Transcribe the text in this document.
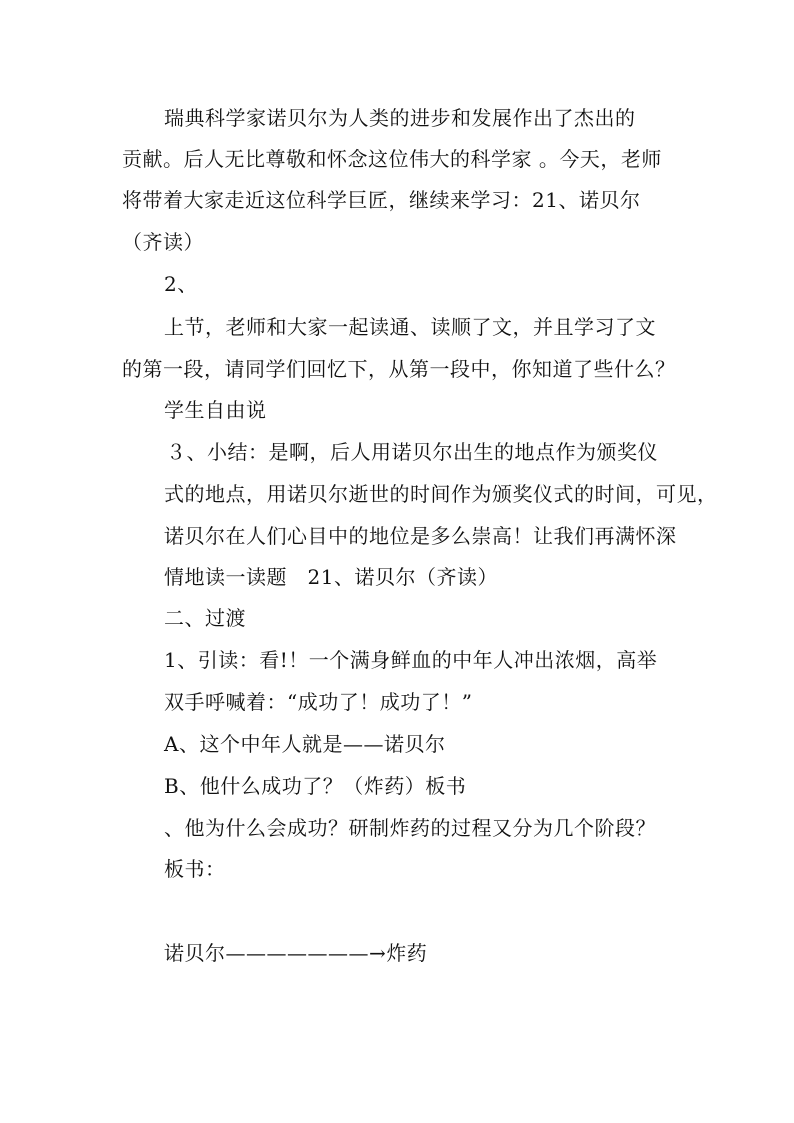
瑞典科学家诺贝尔为人类的进步和发展作出了杰出的
贡献。后人无比尊敬和怀念这位伟大的科学家 。今天，老师
将带着大家走近这位科学巨匠，继续来学习：21、诺贝尔
（齐读）
2、
上节，老师和大家一起读通、读顺了文，并且学习了文
的第一段，请同学们回忆下，从第一段中，你知道了些什么？
学生自由说
３、小结：是啊，后人用诺贝尔出生的地点作为颁奖仪
式的地点，用诺贝尔逝世的时间作为颁奖仪式的时间，可见，
诺贝尔在人们心目中的地位是多么崇高！让我们再满怀深
情地读一读题　21、诺贝尔（齐读）
二、过渡
1、引读：看!！一个满身鲜血的中年人冲出浓烟，高举
双手呼喊着：“成功了！成功了！”
A、这个中年人就是——诺贝尔
B、他什么成功了？（炸药）板书
、他为什么会成功？研制炸药的过程又分为几个阶段？
板书：
诺贝尔———————→炸药
